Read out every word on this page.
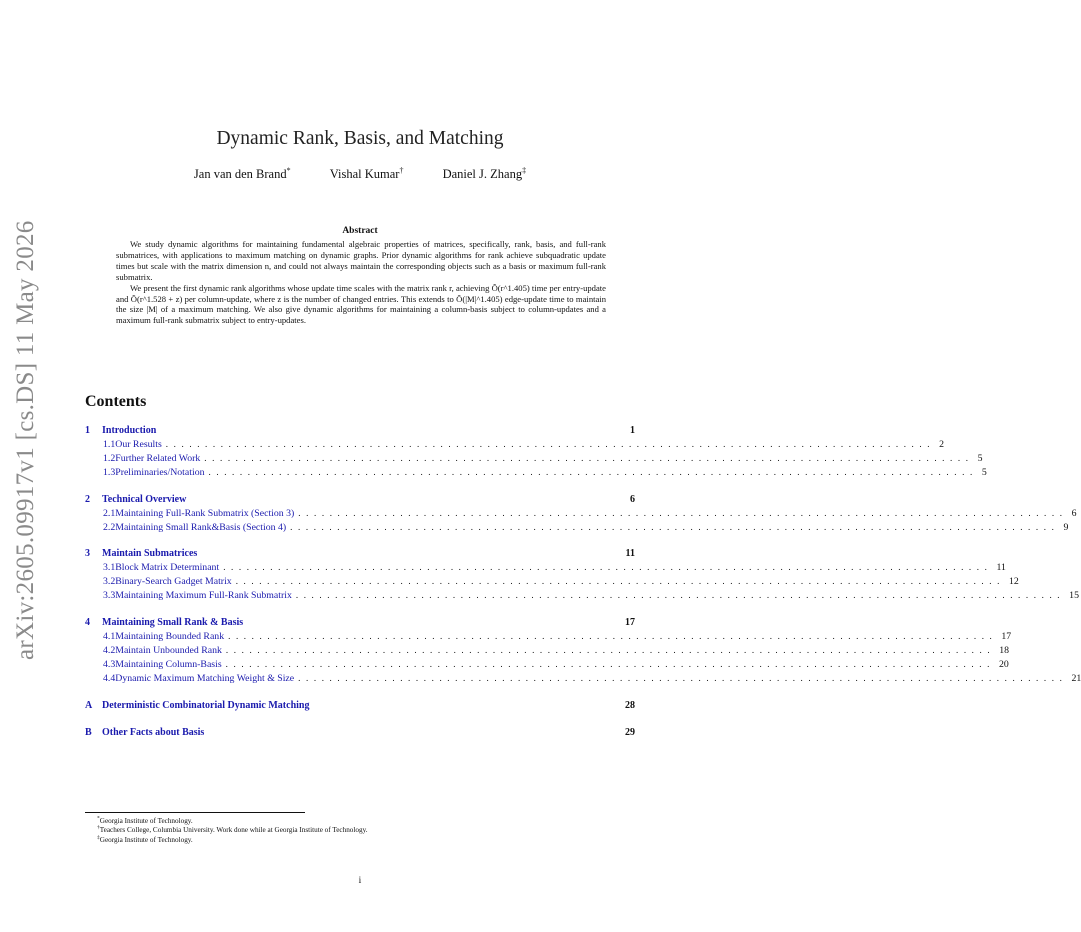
arXiv:2605.09917v1 [cs.DS] 11 May 2026
Dynamic Rank, Basis, and Matching
Jan van den Brand*	Vishal Kumar†	Daniel J. Zhang‡
Abstract

We study dynamic algorithms for maintaining fundamental algebraic properties of matrices, specifically, rank, basis, and full-rank submatrices, with applications to maximum matching on dynamic graphs. Prior dynamic algorithms for rank achieve subquadratic update times but scale with the matrix dimension n, and could not always maintain the corresponding objects such as a basis or maximum full-rank submatrix.

We present the first dynamic rank algorithms whose update time scales with the matrix rank r, achieving Õ(r^1.405) time per entry-update and Õ(r^1.528 + z) per column-update, where z is the number of changed entries. This extends to Õ(|M|^1.405) edge-update time to maintain the size |M| of a maximum matching. We also give dynamic algorithms for maintaining a column-basis subject to column-updates and a maximum full-rank submatrix subject to entry-updates.

Contents
1	Introduction	1
1.1 Our Results .................................................................................................. 2
1.2 Further Related Work .................................................................................................. 5
1.3 Preliminaries/Notation .................................................................................................. 5
2	Technical Overview	6
2.1 Maintaining Full-Rank Submatrix (Section 3) .................................................................................................. 6
2.2 Maintaining Small Rank&Basis (Section 4) .................................................................................................. 9
3	Maintain Submatrices	11
3.1 Block Matrix Determinant .................................................................................................. 11
3.2 Binary-Search Gadget Matrix .................................................................................................. 12
3.3 Maintaining Maximum Full-Rank Submatrix .................................................................................................. 15
4	Maintaining Small Rank & Basis	17
4.1 Maintaining Bounded Rank .................................................................................................. 17
4.2 Maintain Unbounded Rank .................................................................................................. 18
4.3 Maintaining Column-Basis .................................................................................................. 20
4.4 Dynamic Maximum Matching Weight & Size .................................................................................................. 21
A Deterministic Combinatorial Dynamic Matching	28
B	Other Facts about Basis	29
*Georgia Institute of Technology.
†Teachers College, Columbia University. Work done while at Georgia Institute of Technology.
‡Georgia Institute of Technology.
i
